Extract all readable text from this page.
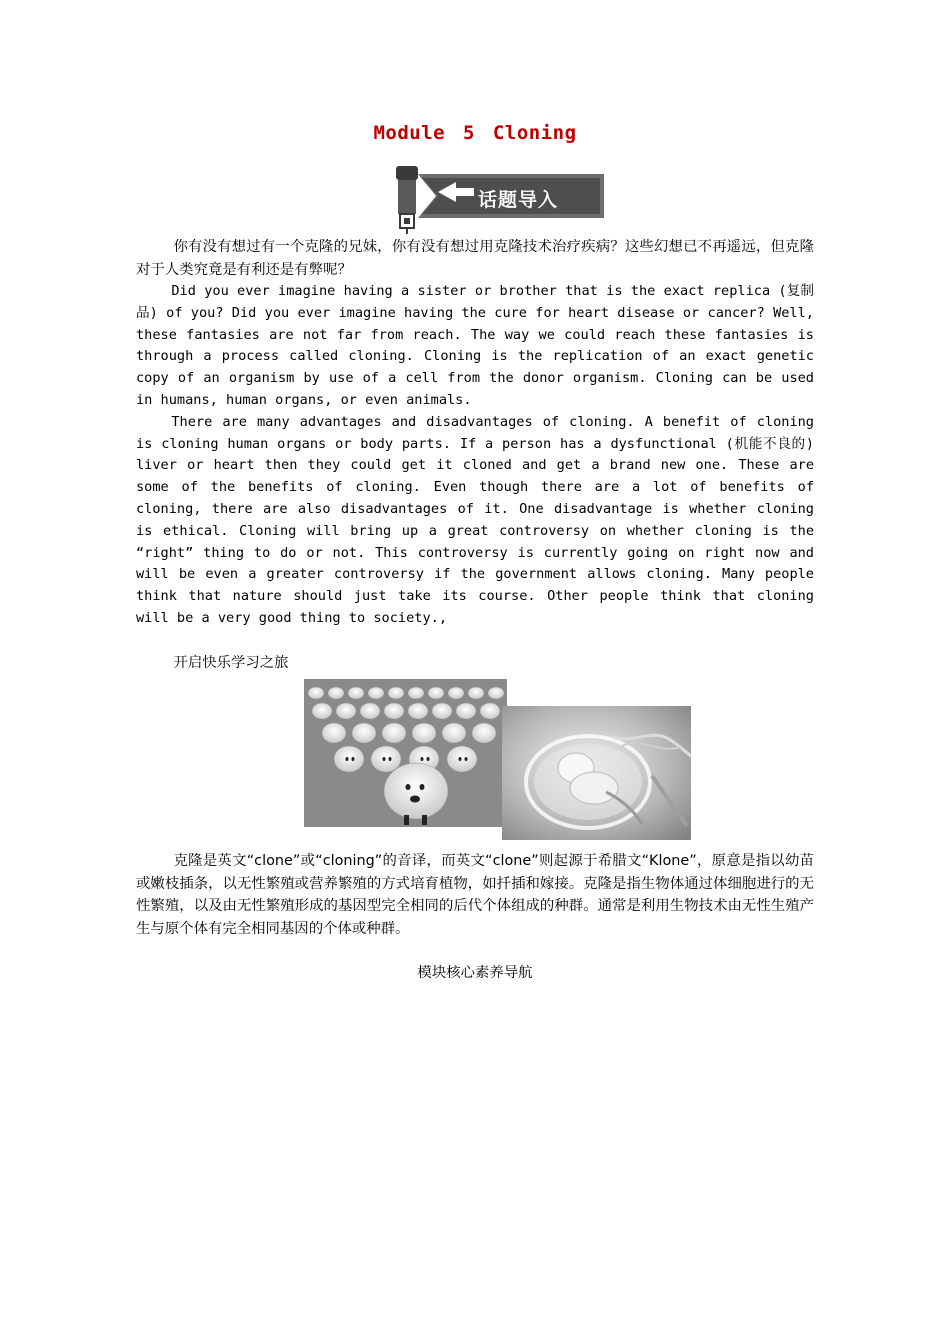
Module 5 Cloning
话题导入

你有没有想过有一个克隆的兄妹，你有没有想过用克隆技术治疗疾病？这些幻想已不再遥远，但克隆对于人类究竟是有利还是有弊呢？

Did you ever imagine having a sister or brother that is the exact replica (复制品) of you? Did you ever imagine having the cure for heart disease or cancer? Well, these fantasies are not far from reach. The way we could reach these fantasies is through a process called cloning. Cloning is the replication of an exact genetic copy of an organism by use of a cell from the donor organism. Cloning can be used in humans, human organs, or even animals.

There are many advantages and disadvantages of cloning. A benefit of cloning is cloning human organs or body parts. If a person has a dysfunctional (机能不良的) liver or heart then they could get it cloned and get a brand new one. These are some of the benefits of cloning. Even though there are a lot of benefits of cloning, there are also disadvantages of it. One disadvantage is whether cloning is ethical. Cloning will bring up a great controversy on whether cloning is the “right” thing to do or not. This controversy is currently going on right now and will be even a greater controversy if the government allows cloning. Many people think that nature should just take its course. Other people think that cloning will be a very good thing to society.,

开启快乐学习之旅

克隆是英文“clone”或“cloning”的音译，而英文“clone”则起源于希腊文“Klone”，原意是指以幼苗或嫩枝插条，以无性繁殖或营养繁殖的方式培育植物，如扦插和嫁接。克隆是指生物体通过体细胞进行的无性繁殖，以及由无性繁殖形成的基因型完全相同的后代个体组成的种群。通常是利用生物技术由无性生殖产生与原个体有完全相同基因的个体或种群。

模块核心素养导航
